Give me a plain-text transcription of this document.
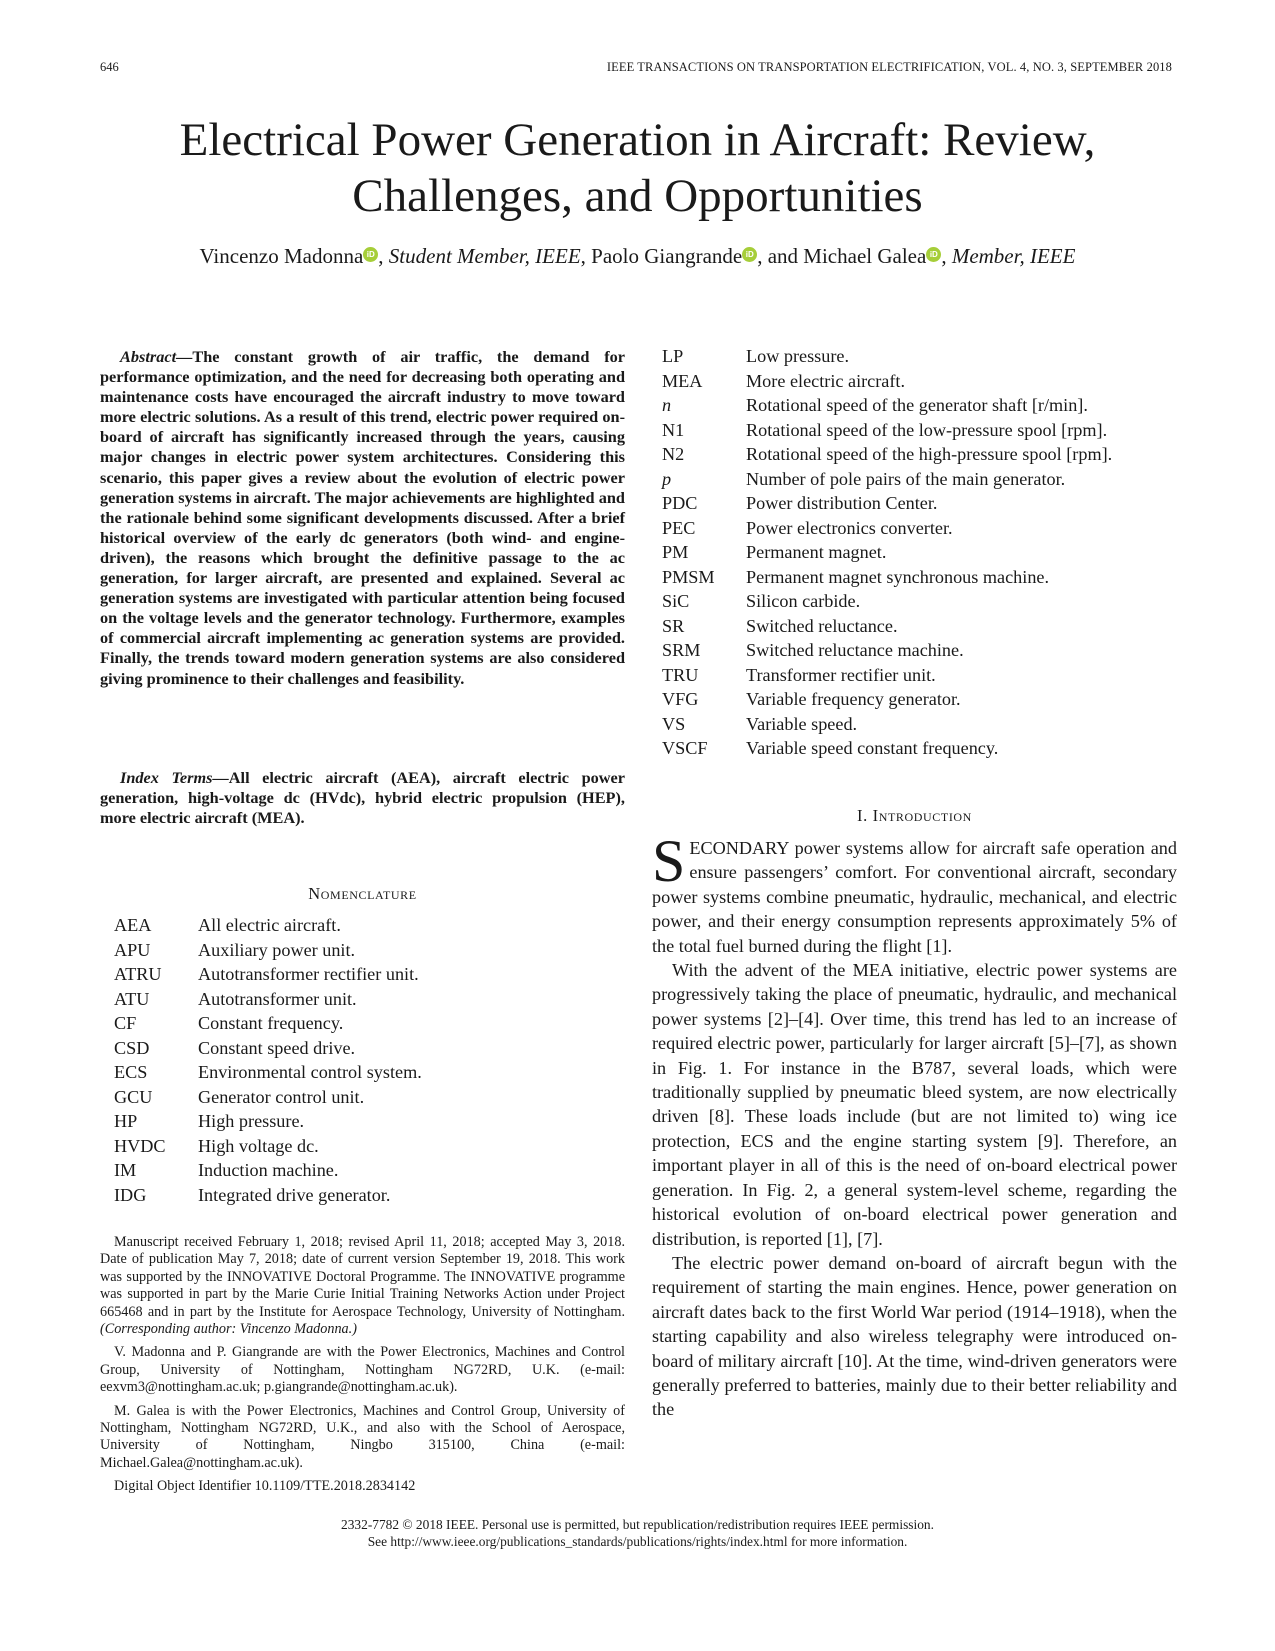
646	IEEE TRANSACTIONS ON TRANSPORTATION ELECTRIFICATION, VOL. 4, NO. 3, SEPTEMBER 2018
Electrical Power Generation in Aircraft: Review,
Challenges, and Opportunities
Vincenzo Madonna iD , Student Member, IEEE, Paolo Giangrande iD , and Michael Galea iD , Member, IEEE
Abstract—The constant growth of air traffic, the demand for performance optimization, and the need for decreasing both operating and maintenance costs have encouraged the aircraft industry to move toward more electric solutions. As a result of this trend, electric power required on-board of aircraft has significantly increased through the years, causing major changes in electric power system architectures. Considering this scenario, this paper gives a review about the evolution of electric power generation systems in aircraft. The major achievements are highlighted and the rationale behind some significant developments discussed. After a brief historical overview of the early dc generators (both wind- and engine-driven), the reasons which brought the definitive passage to the ac generation, for larger aircraft, are presented and explained. Several ac generation systems are investigated with particular attention being focused on the voltage levels and the generator technology. Furthermore, examples of commercial aircraft implementing ac generation systems are provided. Finally, the trends toward modern generation systems are also considered giving prominence to their challenges and feasibility.
Index Terms—All electric aircraft (AEA), aircraft electric power generation, high-voltage dc (HVdc), hybrid electric propulsion (HEP), more electric aircraft (MEA).
Nomenclature
AEA	All electric aircraft.
APU	Auxiliary power unit.
ATRU	Autotransformer rectifier unit.
ATU	Autotransformer unit.
CF	Constant frequency.
CSD	Constant speed drive.
ECS	Environmental control system.
GCU	Generator control unit.
HP	High pressure.
HVDC	High voltage dc.
IM	Induction machine.
IDG	Integrated drive generator.
LP	Low pressure.
MEA	More electric aircraft.
n	Rotational speed of the generator shaft [r/min].
N1	Rotational speed of the low-pressure spool [rpm].
N2	Rotational speed of the high-pressure spool [rpm].
p	Number of pole pairs of the main generator.
PDC	Power distribution Center.
PEC	Power electronics converter.
PM	Permanent magnet.
PMSM	Permanent magnet synchronous machine.
SiC	Silicon carbide.
SR	Switched reluctance.
SRM	Switched reluctance machine.
TRU	Transformer rectifier unit.
VFG	Variable frequency generator.
VS	Variable speed.
VSCF	Variable speed constant frequency.

Manuscript received February 1, 2018; revised April 11, 2018; accepted May 3, 2018. Date of publication May 7, 2018; date of current version September 19, 2018. This work was supported by the INNOVATIVE Doctoral Programme. The INNOVATIVE programme was supported in part by the Marie Curie Initial Training Networks Action under Project 665468 and in part by the Institute for Aerospace Technology, University of Nottingham. (Corresponding author: Vincenzo Madonna.)

V. Madonna and P. Giangrande are with the Power Electronics, Machines and Control Group, University of Nottingham, Nottingham NG72RD, U.K. (e-mail: eexvm3@nottingham.ac.uk; p.giangrande@nottingham.ac.uk).

M. Galea is with the Power Electronics, Machines and Control Group, University of Nottingham, Nottingham NG72RD, U.K., and also with the School of Aerospace, University of Nottingham, Ningbo 315100, China (e-mail: Michael.Galea@nottingham.ac.uk).

Digital Object Identifier 10.1109/TTE.2018.2834142

I. Introduction

SECONDARY power systems allow for aircraft safe operation and ensure passengers’ comfort. For conventional aircraft, secondary power systems combine pneumatic, hydraulic, mechanical, and electric power, and their energy consumption represents approximately 5% of the total fuel burned during the flight [1].

With the advent of the MEA initiative, electric power systems are progressively taking the place of pneumatic, hydraulic, and mechanical power systems [2]–[4]. Over time, this trend has led to an increase of required electric power, particularly for larger aircraft [5]–[7], as shown in Fig. 1. For instance in the B787, several loads, which were traditionally supplied by pneumatic bleed system, are now electrically driven [8]. These loads include (but are not limited to) wing ice protection, ECS and the engine starting system [9]. Therefore, an important player in all of this is the need of on-board electrical power generation. In Fig. 2, a general system-level scheme, regarding the historical evolution of on-board electrical power generation and distribution, is reported [1], [7].

The electric power demand on-board of aircraft begun with the requirement of starting the main engines. Hence, power generation on aircraft dates back to the first World War period (1914–1918), when the starting capability and also wireless telegraphy were introduced on-board of military aircraft [10]. At the time, wind-driven generators were generally preferred to batteries, mainly due to their better reliability and the

2332-7782 © 2018 IEEE. Personal use is permitted, but republication/redistribution requires IEEE permission.
See http://www.ieee.org/publications_standards/publications/rights/index.html for more information.
